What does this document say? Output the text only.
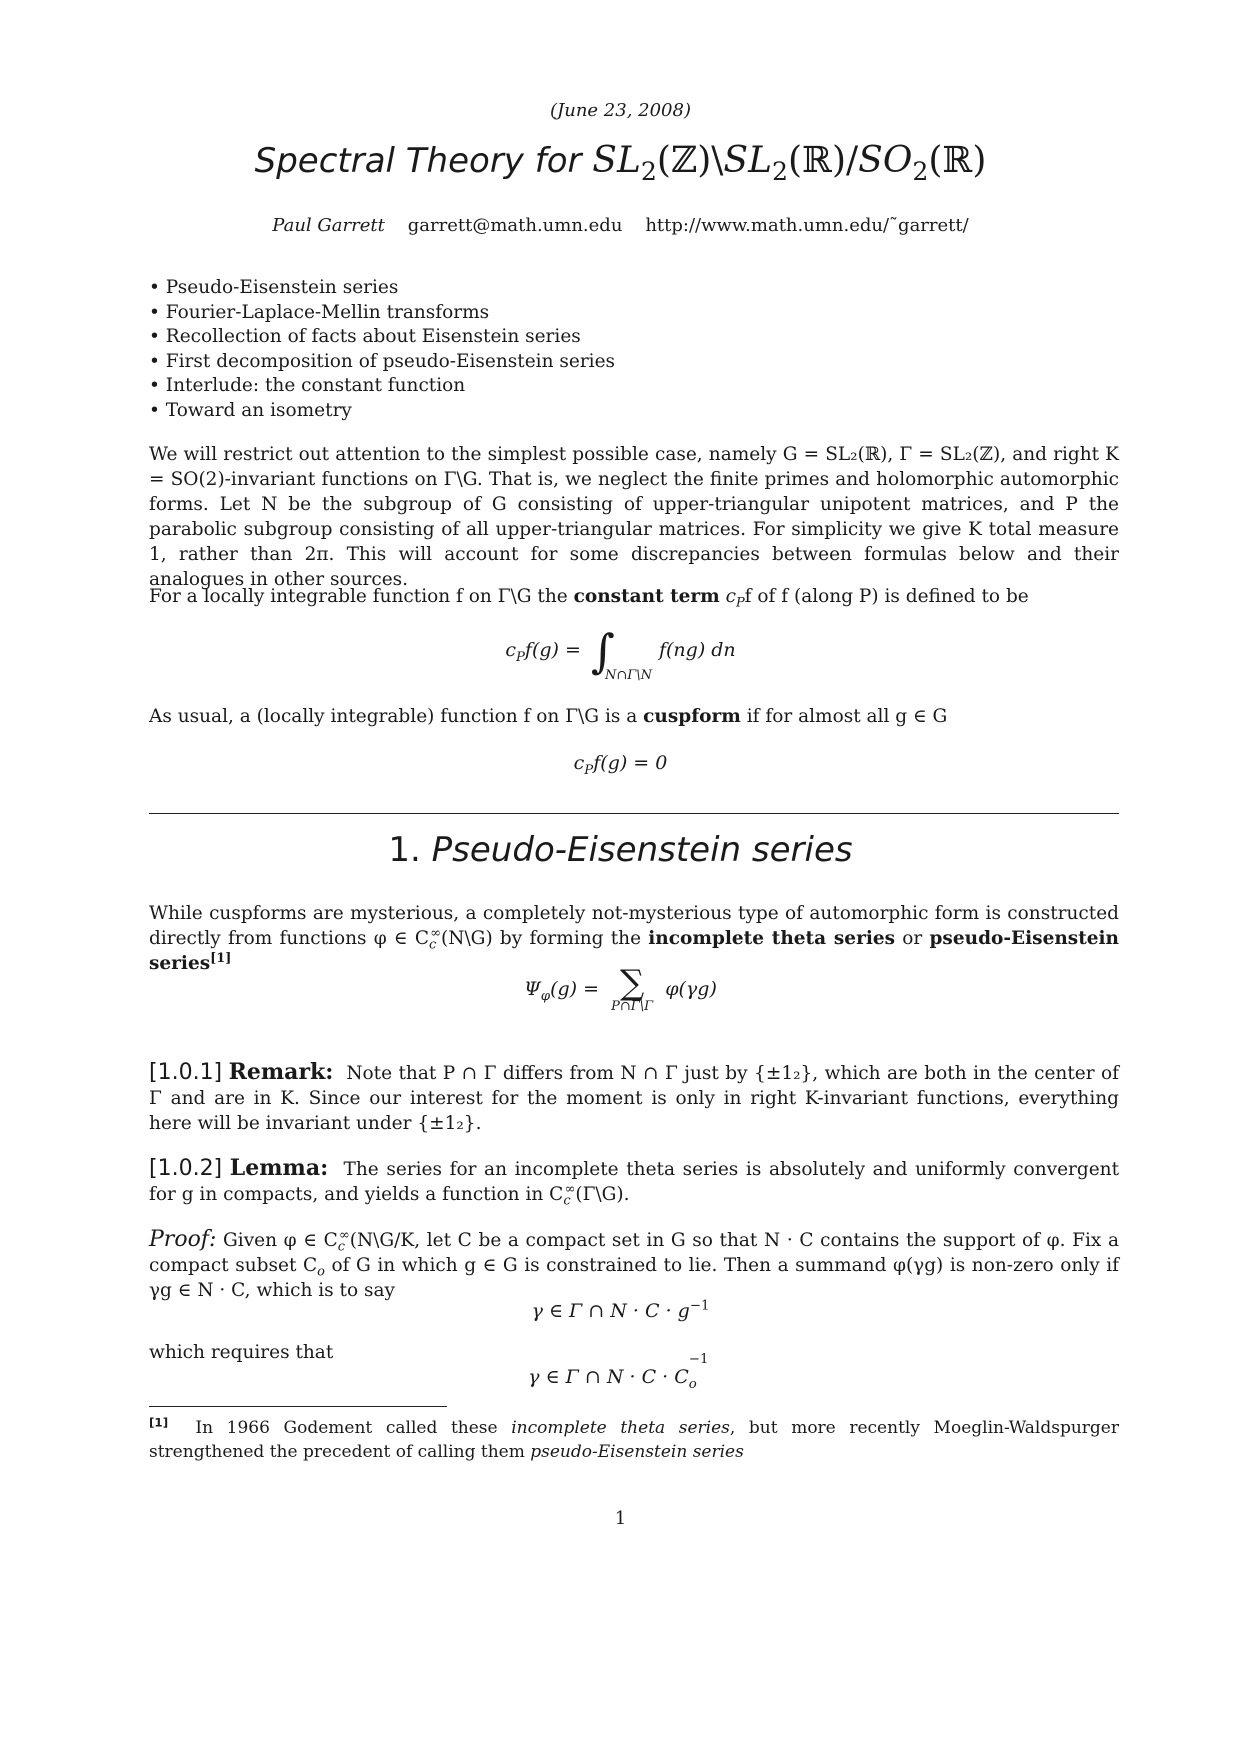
(June 23, 2008)
Spectral Theory for $SL_2(ℤ)\backslash SL_2(ℝ)/SO_2(ℝ)$
Paul Garrett garrett@math.umn.edu http://www.math.umn.edu/˜garrett/
• Pseudo-Eisenstein series
• Fourier-Laplace-Mellin transforms
• Recollection of facts about Eisenstein series
• First decomposition of pseudo-Eisenstein series
• Interlude: the constant function
• Toward an isometry
We will restrict out attention to the simplest possible case, namely G = SL₂(ℝ), Γ = SL₂(ℤ), and right K = SO(2)-invariant functions on Γ\G. That is, we neglect the finite primes and holomorphic automorphic forms. Let N be the subgroup of G consisting of upper-triangular unipotent matrices, and P the parabolic subgroup consisting of all upper-triangular matrices. For simplicity we give K total measure 1, rather than 2π. This will account for some discrepancies between formulas below and their analogues in other sources.
For a locally integrable function f on Γ\G the constant term $c_Pf$ of f (along P) is defined to be
$c_Pf(g)$ = ∫
N∩Γ\N
f(ng) dn
As usual, a (locally integrable) function f on Γ\G is a cuspform if for almost all g ∈ G
$c_Pf(g) = 0$
1. Pseudo-Eisenstein series
While cuspforms are mysterious, a completely not-mysterious type of automorphic form is constructed directly from functions φ ∈ $C_c^\infty(N\backslash G)$ by forming the incomplete theta series or pseudo-Eisenstein series[1]
$\Psi_\varphi(g)$ = ∑
P∩Γ\Γ
φ(γg)
[1.0.1] Remark: Note that P ∩ Γ differs from N ∩ Γ just by {±1₂}, which are both in the center of Γ and are in K. Since our interest for the moment is only in right K-invariant functions, everything here will be invariant under {±1₂}.
[1.0.2] Lemma: The series for an incomplete theta series is absolutely and uniformly convergent for g in compacts, and yields a function in $C_c^\infty(\Gamma\backslash G)$.
Proof: Given φ ∈ $C_c^\infty(N\backslash G/K$, let C be a compact set in G so that N · C contains the support of φ. Fix a compact subset $C_o$ of G in which g ∈ G is constrained to lie. Then a summand φ(γg) is non-zero only if γg ∈ N · C, which is to say
γ ∈ Γ ∩ $N \cdot C \cdot g^{-1}$
which requires that
γ ∈ Γ ∩ $N \cdot C \cdot C_o$
−1
[1] In 1966 Godement called these incomplete theta series, but more recently Moeglin-Waldspurger strengthened the precedent of calling them pseudo-Eisenstein series
1
